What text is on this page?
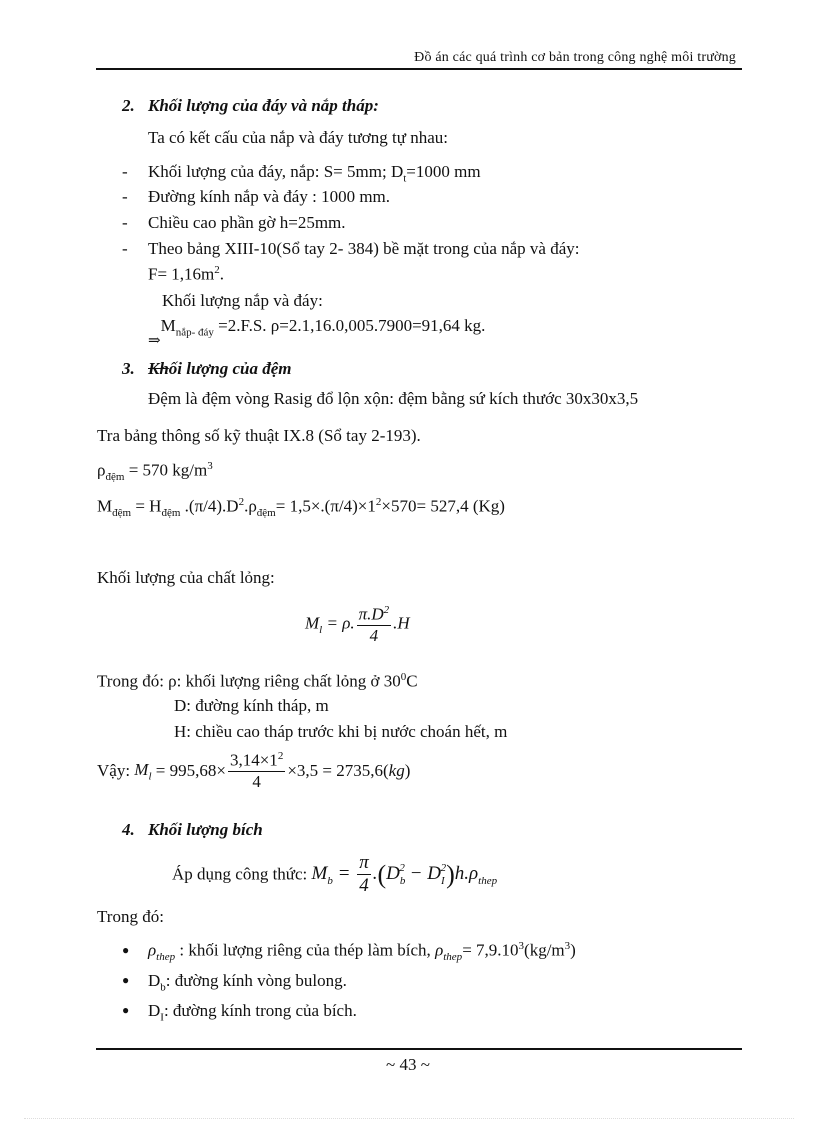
Đồ án các quá trình cơ bản trong công nghệ môi trường
~ 43 ~
2. Khối lượng của đáy và nắp tháp:
Ta có kết cấu của nắp và đáy tương tự nhau:
- Khối lượng của đáy, nắp: S= 5mm; $D_t=1000$ mm
- Đường kính nắp và đáy : 1000 mm.
- Chiều cao phần gờ h=25mm.
- Theo bảng XIII-10(Sổ tay 2- 384) bề mặt trong của nắp và đáy:
$F= 1,16m^2$.
Khối lượng nắp và đáy:
$\Rightarrow M_{nắp- đáy} =2.F.S$. ρ=2.1,16.0,005.7900=91,64 kg.
3. Khối lượng của đệm
Đệm là đệm vòng Rasig đổ lộn xộn: đệm bằng sứ kích thước 30x30x3,5
Tra bảng thông số kỹ thuật IX.8 (Sổ tay 2-193).
$\rho_{đệm} = 570$ $kg/m^3$
$M_{đệm} = H_{đệm}$ $.(\pi/4).D^2.\rho_{đệm}= 1,5\times.(\pi/4)\times 1^2\times 570= 527,4$ (Kg)
Khối lượng của chất lỏng:
$M_l = \rho$. $\frac{\pi.D^2}{4} .H$
Trong đó: ρ: khối lượng riêng chất lỏng ở $30^0C$
D: đường kính tháp, m
H: chiều cao tháp trước khi bị nước choán hết, m
Vậy: $M_l = 995,68\times \frac{3,14\times 1^2}{4} \times 3,5 = 2735,6(kg)$
4. Khối lượng bích
Áp dụng công thức: $M_b = \frac{\pi}{4} .(D_b^2 - D_I^2)h.\rho_{thep}$
Trong đó:
● $\rho_{thep}$ : khối lượng riêng của thép làm bích, $\rho_{thep}= 7,9.10^3(kg/m^3)$
● $D_b$: đường kính vòng bulong.
● $D_I$: đường kính trong của bích.
